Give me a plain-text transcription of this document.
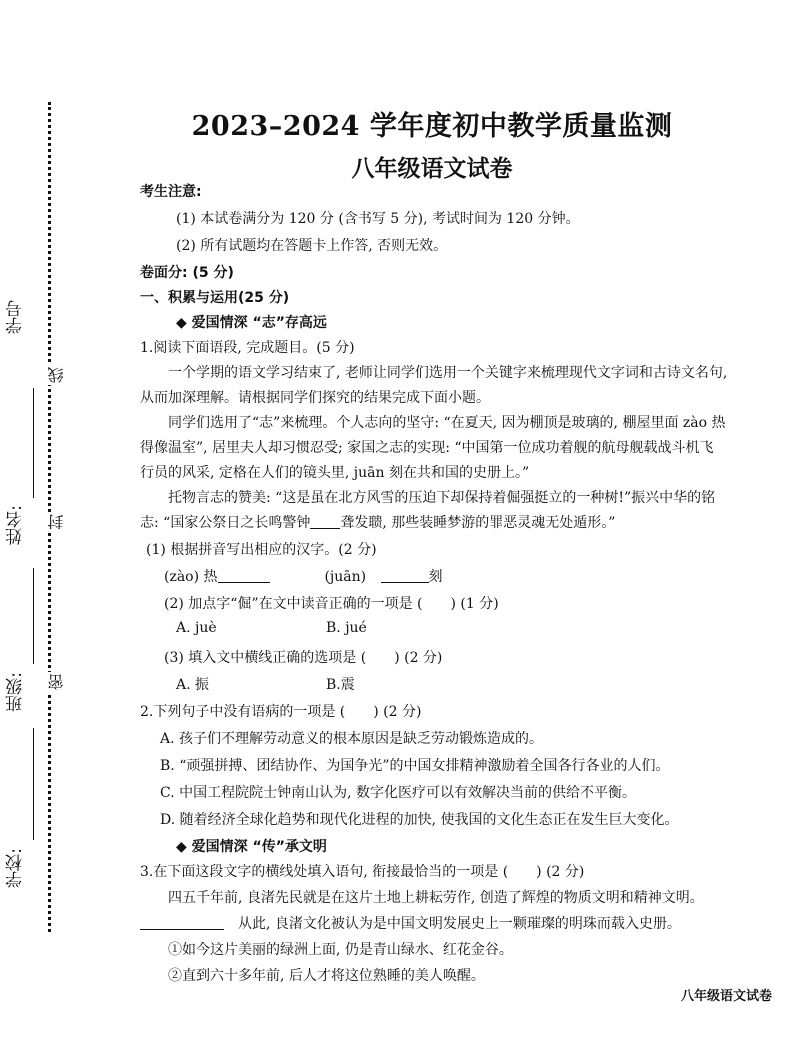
学校:
班级:
姓名:
学号
密
封
线
2023–2024 学年度初中教学质量监测
八年级语文试卷
考生注意:
(1) 本试卷满分为 120 分 (含书写 5 分), 考试时间为 120 分钟。
(2) 所有试题均在答题卡上作答, 否则无效。
卷面分: (5 分)
一、积累与运用(25 分)
◆ 爱国情深 “志”存高远
1.阅读下面语段, 完成题目。(5 分)
一个学期的语文学习结束了, 老师让同学们选用一个关键字来梳理现代文字词和古诗文名句,
从而加深理解。请根据同学们探究的结果完成下面小题。
同学们选用了“志”来梳理。个人志向的坚守: “在夏天, 因为棚顶是玻璃的, 棚屋里面 zào 热
得像温室”, 居里夫人却习惯忍受; 家国之志的实现: “中国第一位成功着舰的航母舰载战斗机飞
行员的风采, 定格在人们的镜头里, juān 刻在共和国的史册上。”
托物言志的赞美: “这是虽在北方风雪的压迫下却保持着倔强挺立的一种树!”振兴中华的铭
志: “国家公祭日之长鸣警钟 聋发聩, 那些装睡梦游的罪恶灵魂无处遁形。”
(1) 根据拼音写出相应的汉字。(2 分)
(zào) 热	(juān)	刻
(2) 加点字“倔”在文中读音正确的一项是 (　　) (1 分)
A. juè	B. jué
(3) 填入文中横线正确的选项是 (　　) (2 分)
A. 振	B.震
2.下列句子中没有语病的一项是 (　　) (2 分)
A. 孩子们不理解劳动意义的根本原因是缺乏劳动锻炼造成的。
B. “顽强拼搏、团结协作、为国争光”的中国女排精神激励着全国各行各业的人们。
C. 中国工程院院士钟南山认为, 数字化医疗可以有效解决当前的供给不平衡。
D. 随着经济全球化趋势和现代化进程的加快, 使我国的文化生态正在发生巨大变化。
◆ 爱国情深 “传”承文明
3.在下面这段文字的横线处填入语句, 衔接最恰当的一项是 (　　) (2 分)
四五千年前, 良渚先民就是在这片土地上耕耘劳作, 创造了辉煌的物质文明和精神文明。
从此, 良渚文化被认为是中国文明发展史上一颗璀璨的明珠而载入史册。
①如今这片美丽的绿洲上面, 仍是青山绿水、红花金谷。
②直到六十多年前, 后人才将这位熟睡的美人唤醒。
八年级语文试卷
